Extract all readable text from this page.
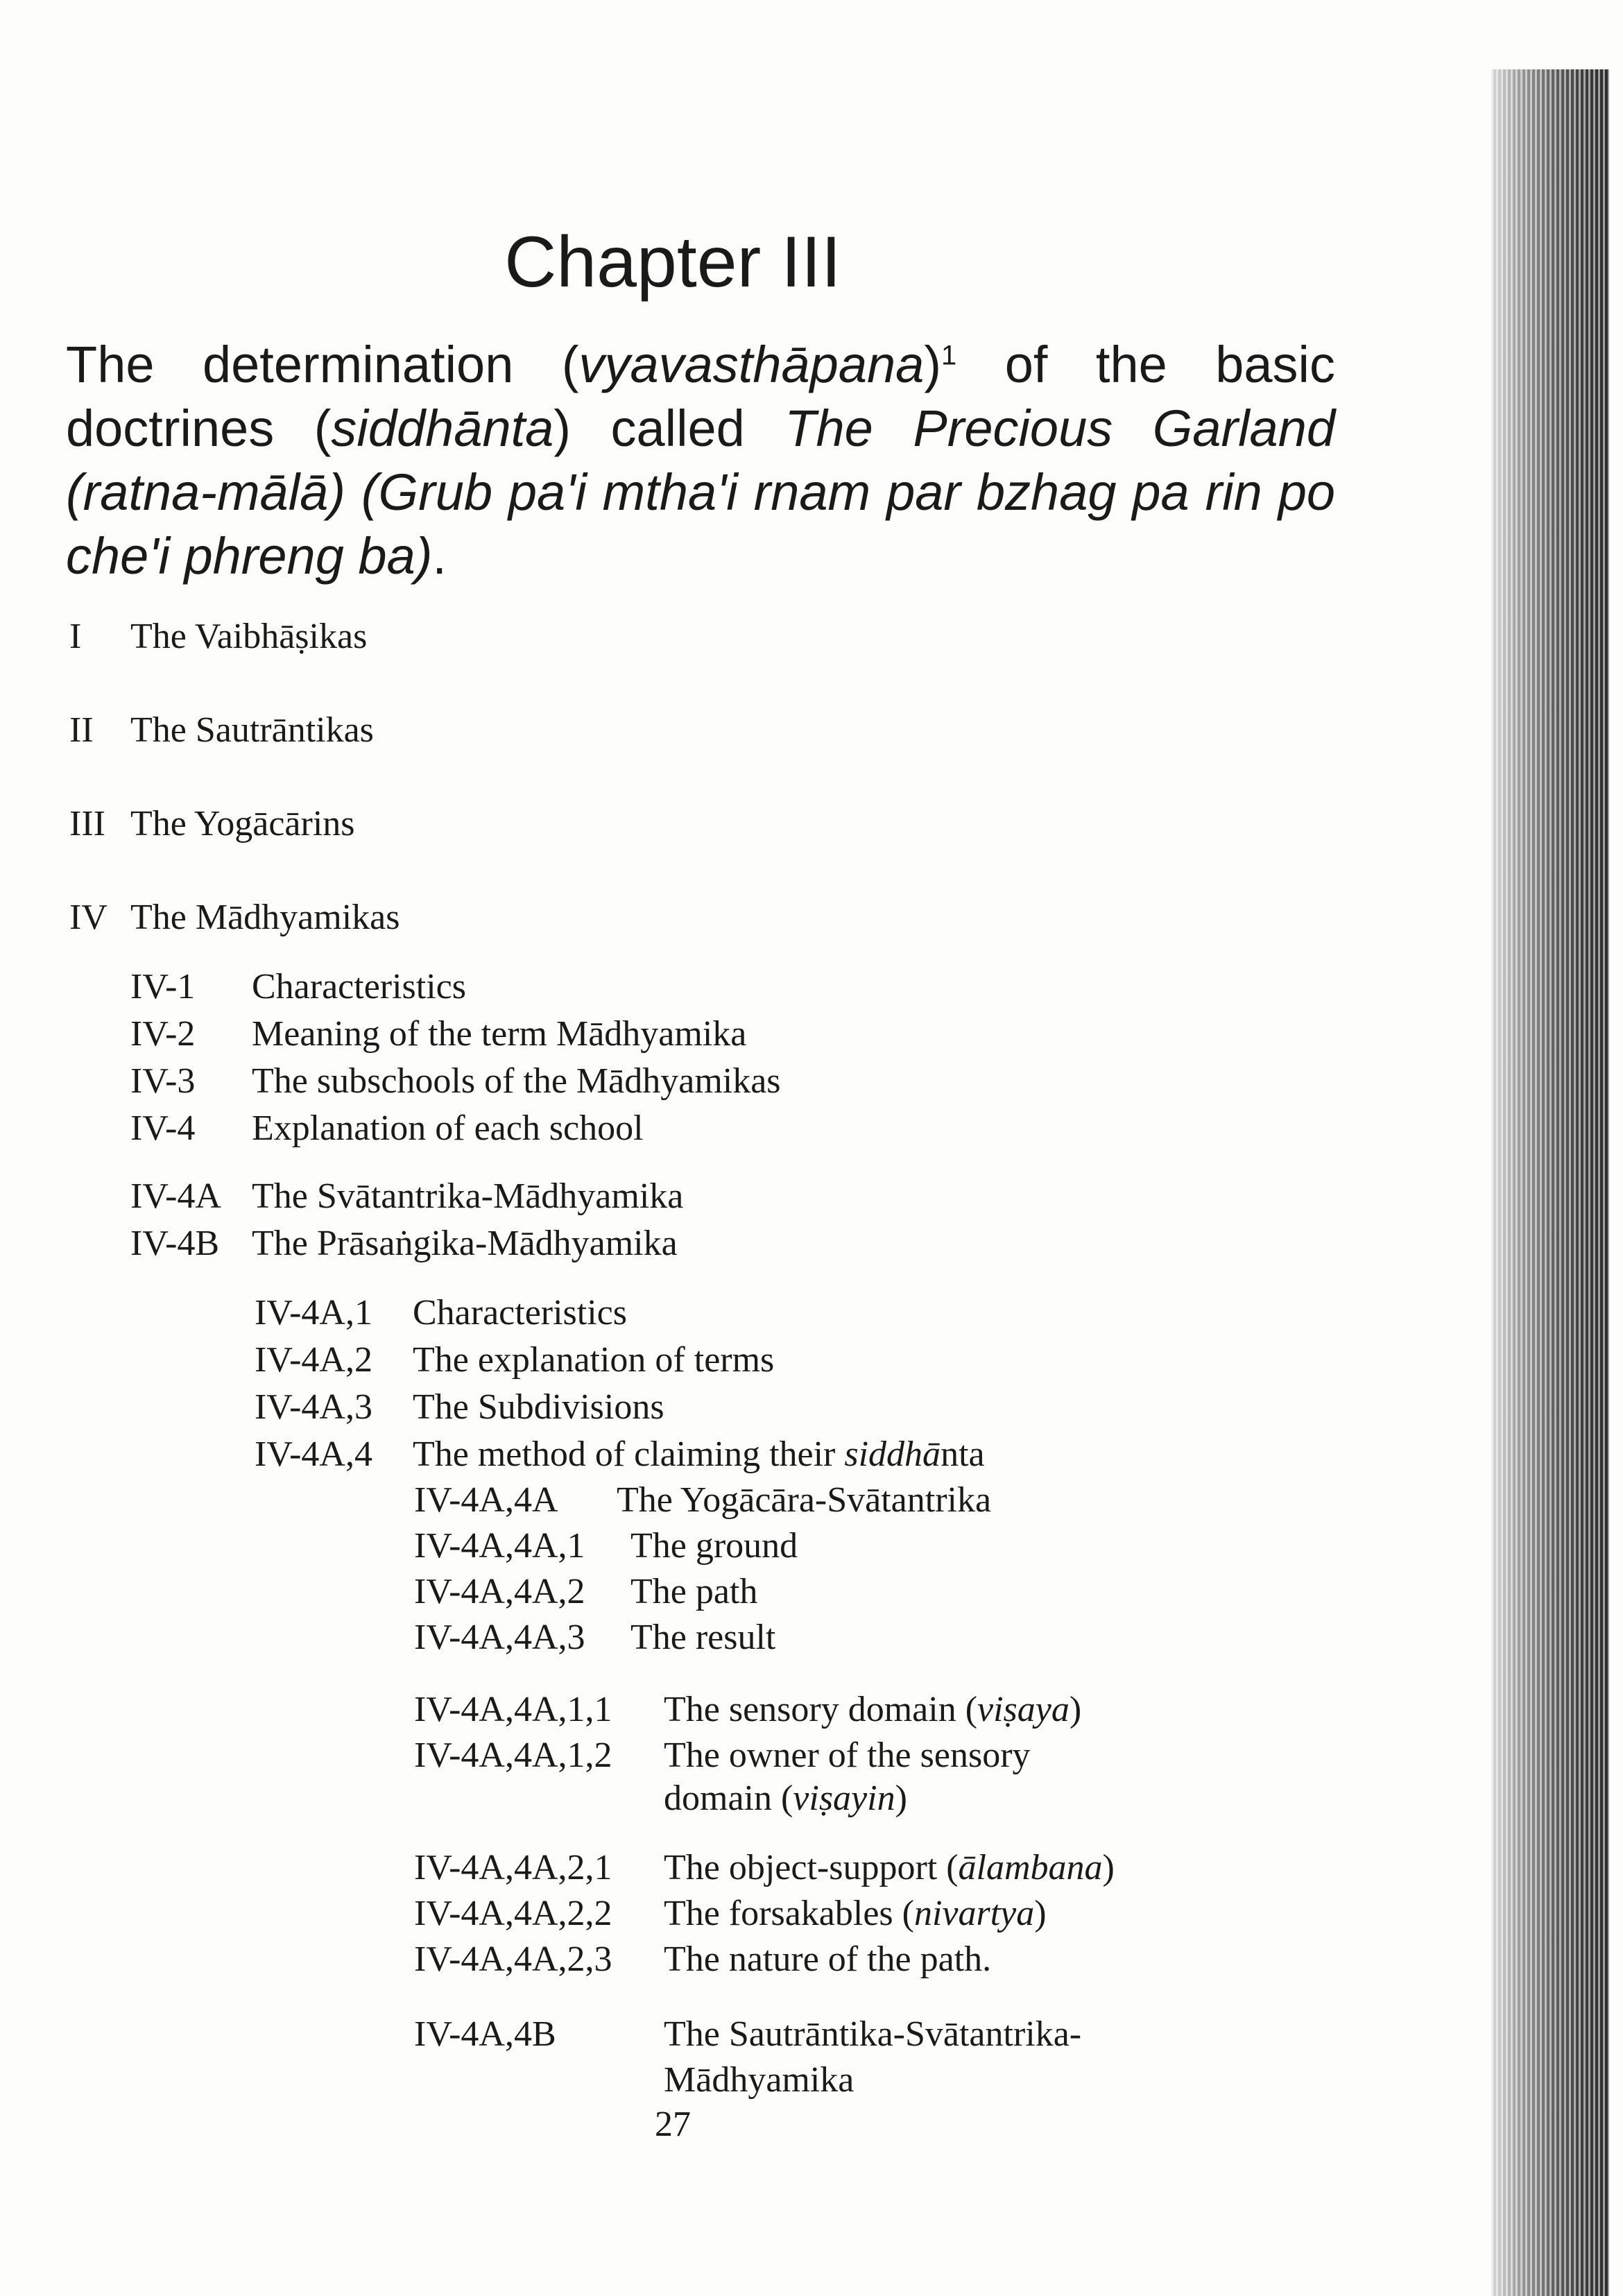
Chapter III

The determination (vyavasthāpana)$^1$ of the basic doctrines (siddhānta) called The Precious Garland (ratna-mālā) (Grub pa'i mtha'i rnam par bzhag pa rin po che'i phreng ba).

I The Vaibhāṣikas
II The Sautrāntikas
III The Yogācārins
IV The Mādhyamikas
IV-1 Characteristics
IV-2 Meaning of the term Mādhyamika
IV-3 The subschools of the Mādhyamikas
IV-4 Explanation of each school
IV-4A The Svātantrika-Mādhyamika
IV-4B The Prāsaṅgika-Mādhyamika
IV-4A,1 Characteristics
IV-4A,2 The explanation of terms
IV-4A,3 The Subdivisions
IV-4A,4 The method of claiming their siddhānta
IV-4A,4A The Yogācāra-Svātantrika
IV-4A,4A,1 The ground
IV-4A,4A,2 The path
IV-4A,4A,3 The result
IV-4A,4A,1,1 The sensory domain (viṣaya)
IV-4A,4A,1,2 The owner of the sensory
domain (viṣayin)
IV-4A,4A,2,1 The object-support (ālambana)
IV-4A,4A,2,2 The forsakables (nivartya)
IV-4A,4A,2,3 The nature of the path.
IV-4A,4B	The Sautrāntika-Svātantrika-
Mādhyamika

27
